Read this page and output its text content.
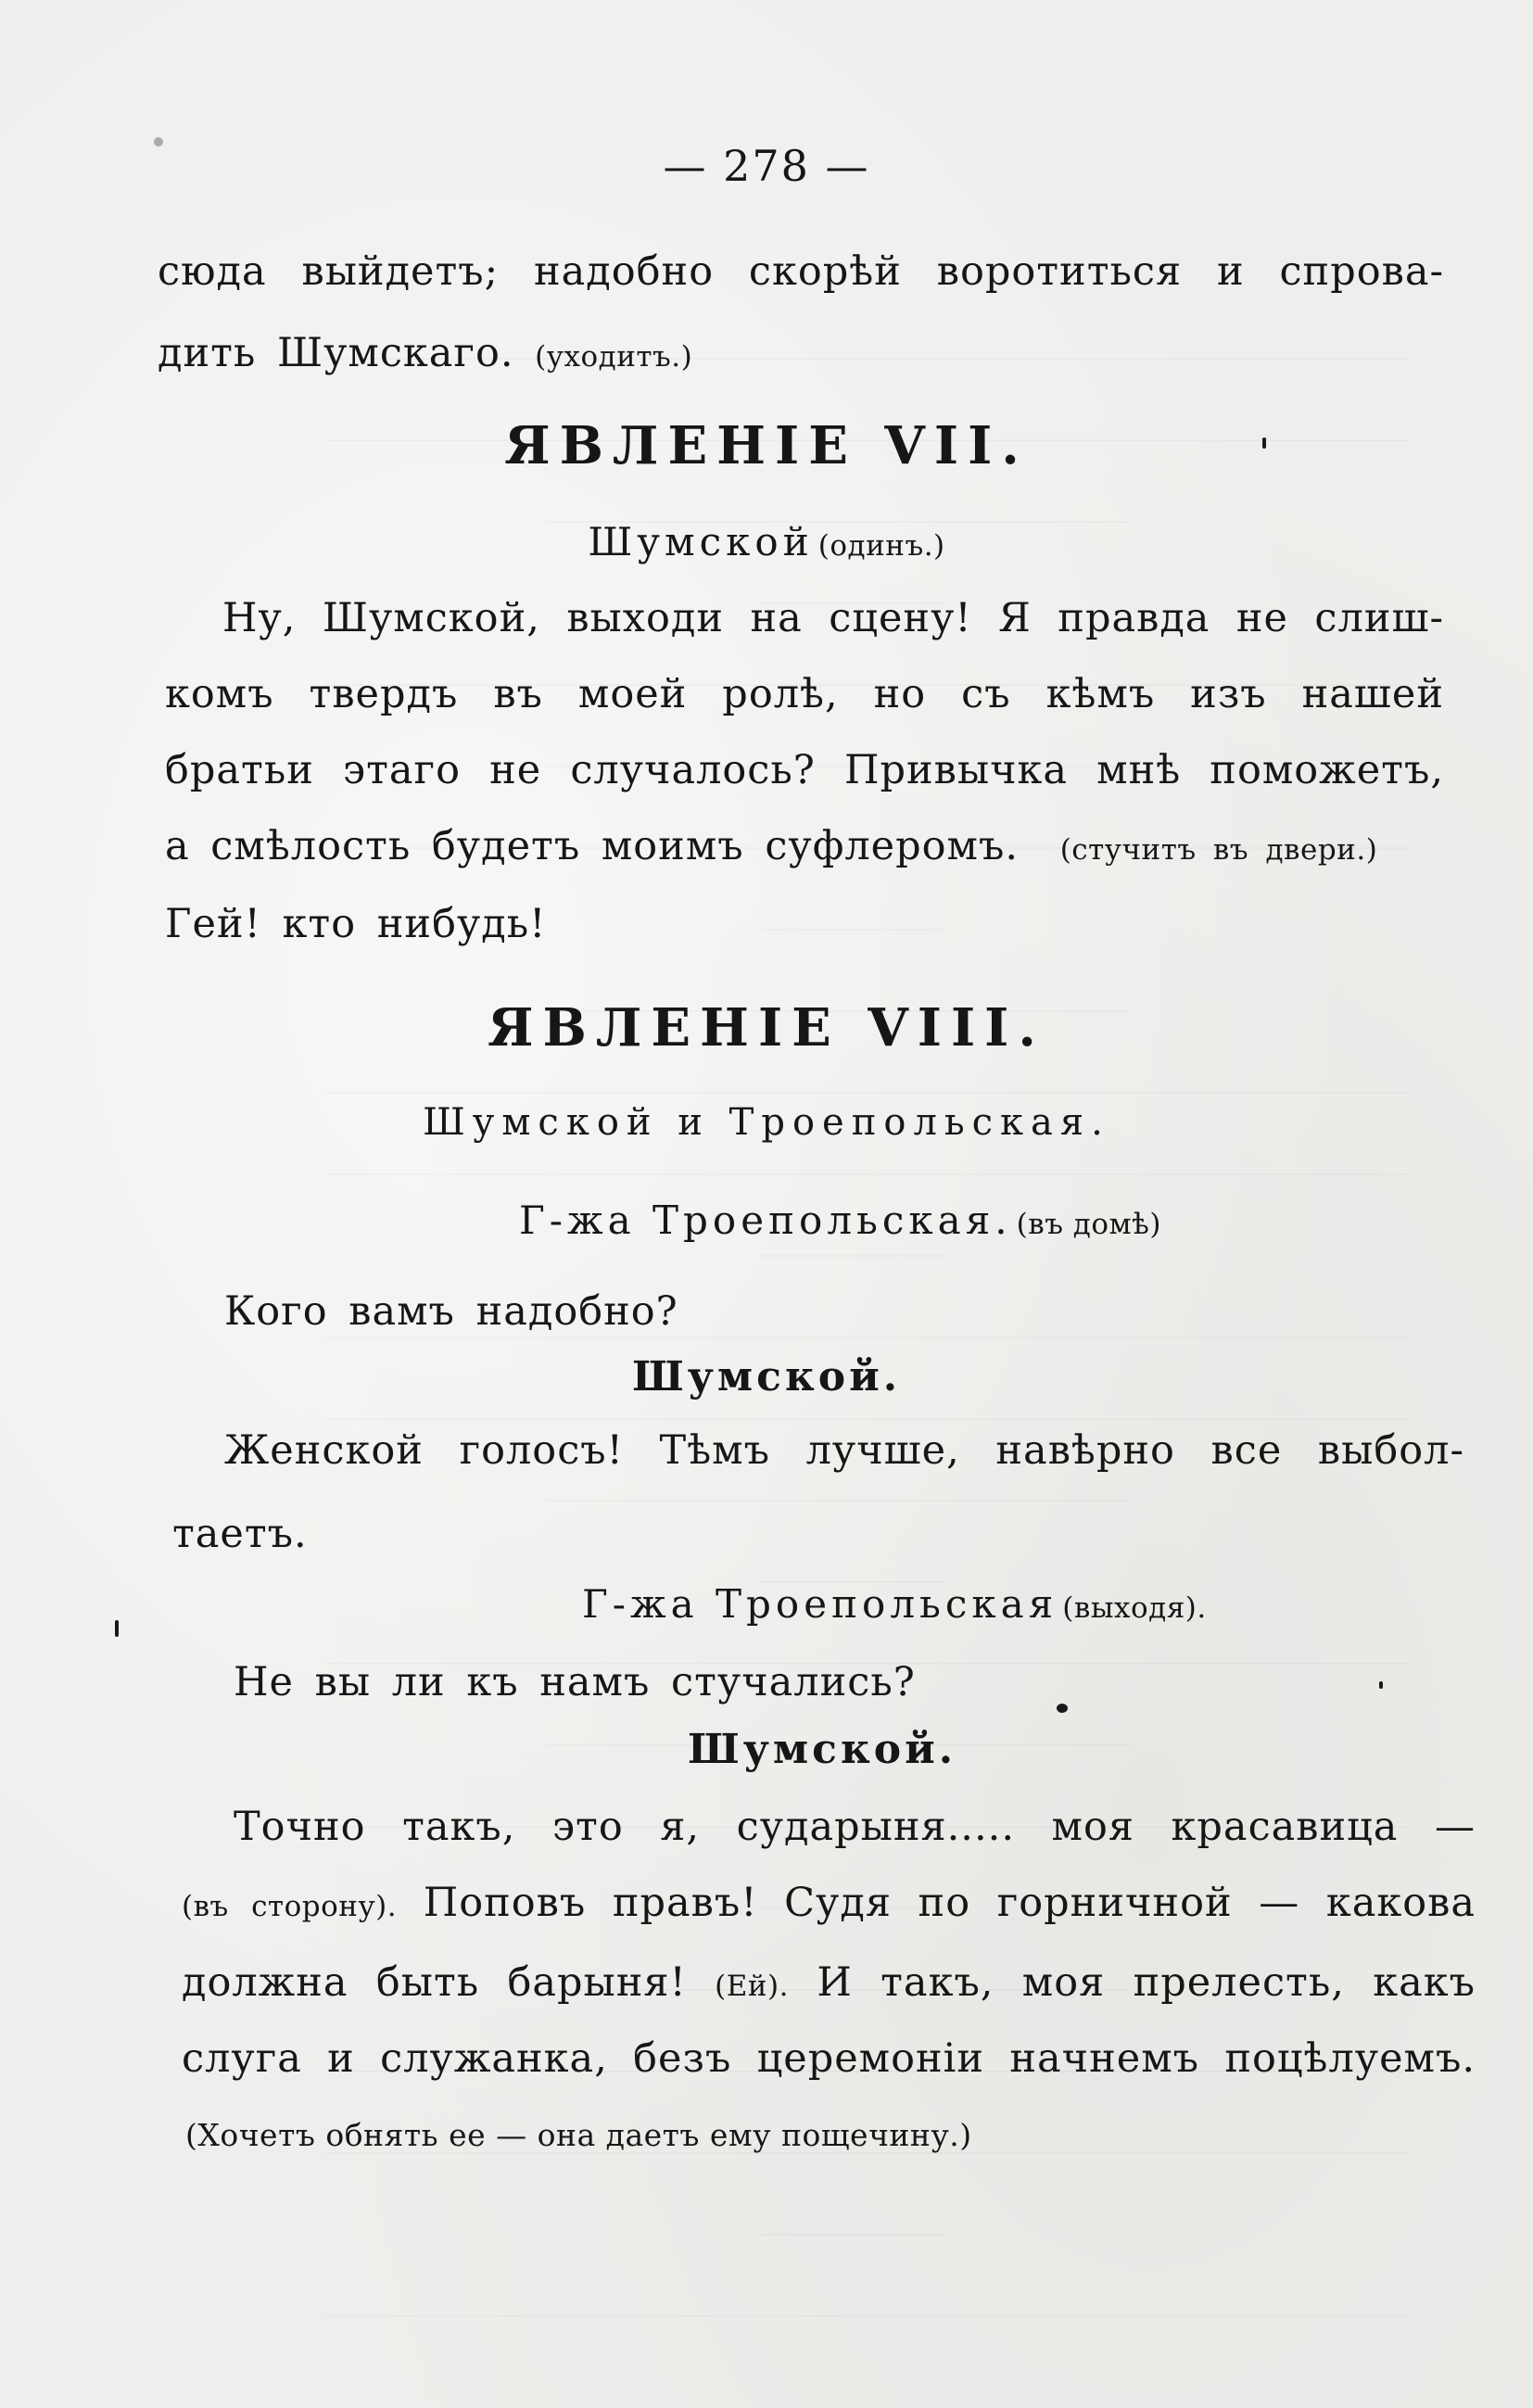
— 278 —
сюда выйдетъ; надобно скорѣй воротиться и спрова-
дить Шумскаго. (уходитъ.)
ЯВЛЕНІЕ VII.
Шумской (одинъ.)
Ну, Шумской, выходи на сцену! Я правда не слиш-
комъ твердъ въ моей ролѣ, но съ кѣмъ изъ нашей
братьи этаго не случалось? Привычка мнѣ поможетъ,
а смѣлость будетъ моимъ суфлеромъ. (стучитъ въ двери.)
Гей! кто нибудь!
ЯВЛЕНІЕ VIII.
Шумской и Троепольская.
Г-жа Троепольская. (въ домѣ)
Кого вамъ надобно?
Шумской.
Женской голосъ! Тѣмъ лучше, навѣрно все выбол-
таетъ.
Г-жа Троепольская (выходя).
Не вы ли къ намъ стучались?
Шумской.
Точно такъ, это я, сударыня..... моя красавица —
(въ сторону). Поповъ правъ! Судя по горничной — какова
должна быть барыня! (Ей). И такъ, моя прелесть, какъ
слуга и служанка, безъ церемоніи начнемъ поцѣлуемъ.
(Хочетъ обнять ее — она даетъ ему пощечину.)
